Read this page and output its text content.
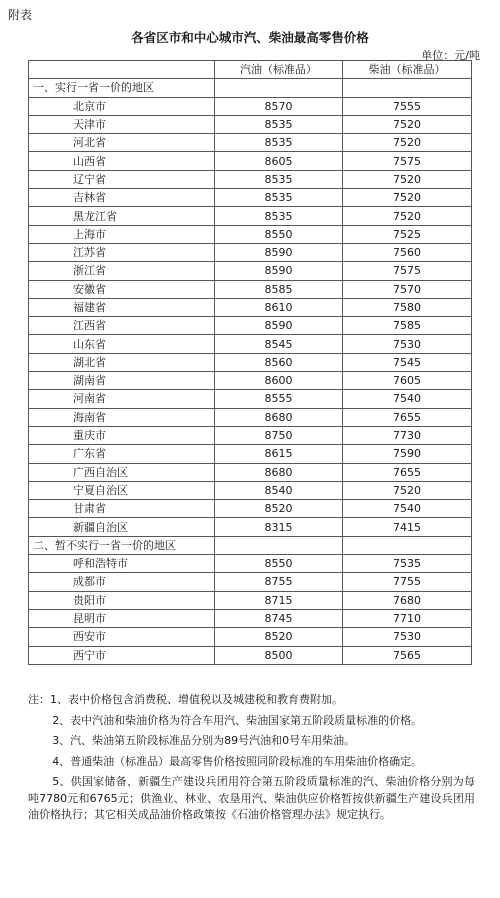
附表
各省区市和中心城市汽、柴油最高零售价格
单位：元/吨
	汽油（标准品）	柴油（标准品）
一、实行一省一价的地区		
北京市	8570	7555
天津市	8535	7520
河北省	8535	7520
山西省	8605	7575
辽宁省	8535	7520
吉林省	8535	7520
黑龙江省	8535	7520
上海市	8550	7525
江苏省	8590	7560
浙江省	8590	7575
安徽省	8585	7570
福建省	8610	7580
江西省	8590	7585
山东省	8545	7530
湖北省	8560	7545
湖南省	8600	7605
河南省	8555	7540
海南省	8680	7655
重庆市	8750	7730
广东省	8615	7590
广西自治区	8680	7655
宁夏自治区	8540	7520
甘肃省	8520	7540
新疆自治区	8315	7415
二、暂不实行一省一价的地区		
呼和浩特市	8550	7535
成都市	8755	7755
贵阳市	8715	7680
昆明市	8745	7710
西安市	8520	7530
西宁市	8500	7565

注：1、表中价格包含消费税、增值税以及城建税和教育费附加。

2、表中汽油和柴油价格为符合车用汽、柴油国家第五阶段质量标准的价格。

3、汽、柴油第五阶段标准品分别为89号汽油和0号车用柴油。

4、普通柴油（标准品）最高零售价格按照同阶段标准的车用柴油价格确定。

5、供国家储备、新疆生产建设兵团用符合第五阶段质量标准的汽、柴油价格分别为每吨7780元和6765元；供渔业、林业、农垦用汽、柴油供应价格暂按供新疆生产建设兵团用油价格执行；其它相关成品油价格政策按《石油价格管理办法》规定执行。
